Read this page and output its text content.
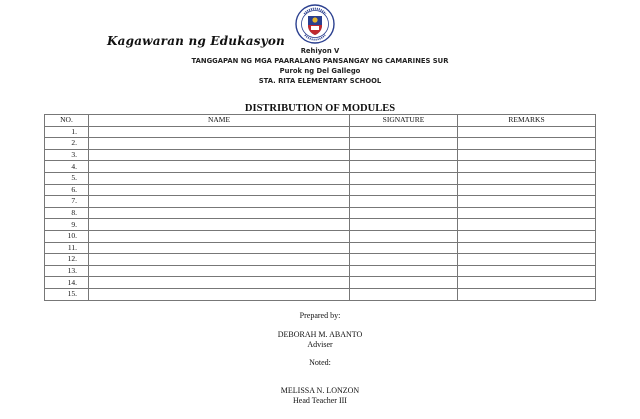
Kagawaran ng Edukasyon
Rehiyon V
TANGGAPAN NG MGA PAARALANG PANSANGAY NG CAMARINES SUR
Purok ng Del Gallego
STA. RITA ELEMENTARY SCHOOL
DISTRIBUTION OF MODULES
NO.	NAME	SIGNATURE	REMARKS
1.			
2.			
3.			
4.			
5.			
6.			
7.			
8.			
9.			
10.			
11.			
12.			
13.			
14.			
15.			
Prepared by:
DEBORAH M. ABANTO
Adviser
Noted:
MELISSA N. LONZON
Head Teacher III
